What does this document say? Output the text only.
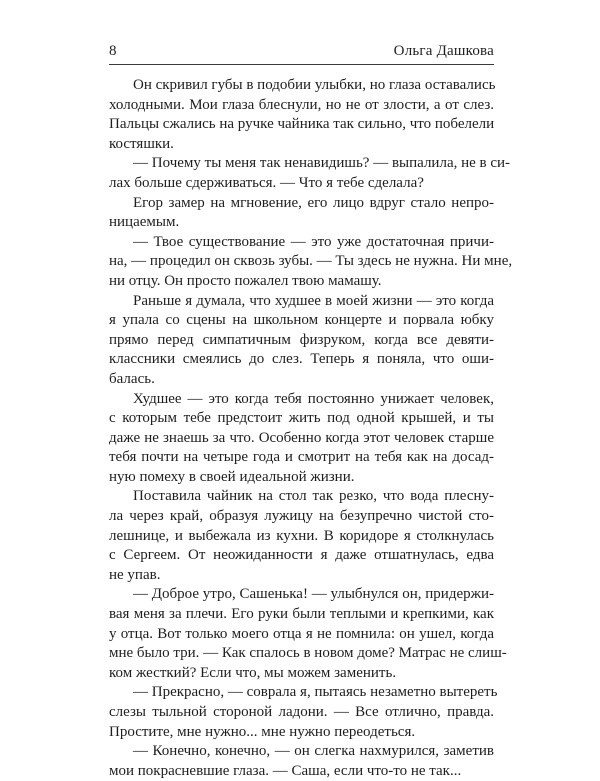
8	Ольга Дашкова

Он скривил губы в подобии улыбки, но глаза оставались
холодными. Мои глаза блеснули, но не от злости, а от слез.
Пальцы сжались на ручке чайника так сильно, что побелели
костяшки.

— Почему ты меня так ненавидишь? — выпалила, не в си-
лах больше сдерживаться. — Что я тебе сделала?

Егор замер на мгновение, его лицо вдруг стало непро-
ницаемым.

— Твое существование — это уже достаточная причи-
на, — процедил он сквозь зубы. — Ты здесь не нужна. Ни мне,
ни отцу. Он просто пожалел твою мамашу.

Раньше я думала, что худшее в моей жизни — это когда
я упала со сцены на школьном концерте и порвала юбку
прямо перед симпатичным физруком, когда все девяти-
классники смеялись до слез. Теперь я поняла, что оши-
балась.

Худшее — это когда тебя постоянно унижает человек,
с которым тебе предстоит жить под одной крышей, и ты
даже не знаешь за что. Особенно когда этот человек старше
тебя почти на четыре года и смотрит на тебя как на досад-
ную помеху в своей идеальной жизни.

Поставила чайник на стол так резко, что вода плесну-
ла через край, образуя лужицу на безупречно чистой сто-
лешнице, и выбежала из кухни. В коридоре я столкнулась
с Сергеем. От неожиданности я даже отшатнулась, едва
не упав.

— Доброе утро, Сашенька! — улыбнулся он, придержи-
вая меня за плечи. Его руки были теплыми и крепкими, как
у отца. Вот только моего отца я не помнила: он ушел, когда
мне было три. — Как спалось в новом доме? Матрас не слиш-
ком жесткий? Если что, мы можем заменить.

— Прекрасно, — соврала я, пытаясь незаметно вытереть
слезы тыльной стороной ладони. — Все отлично, правда.
Простите, мне нужно... мне нужно переодеться.

— Конечно, конечно, — он слегка нахмурился, заметив
мои покрасневшие глаза. — Саша, если что-то не так...
